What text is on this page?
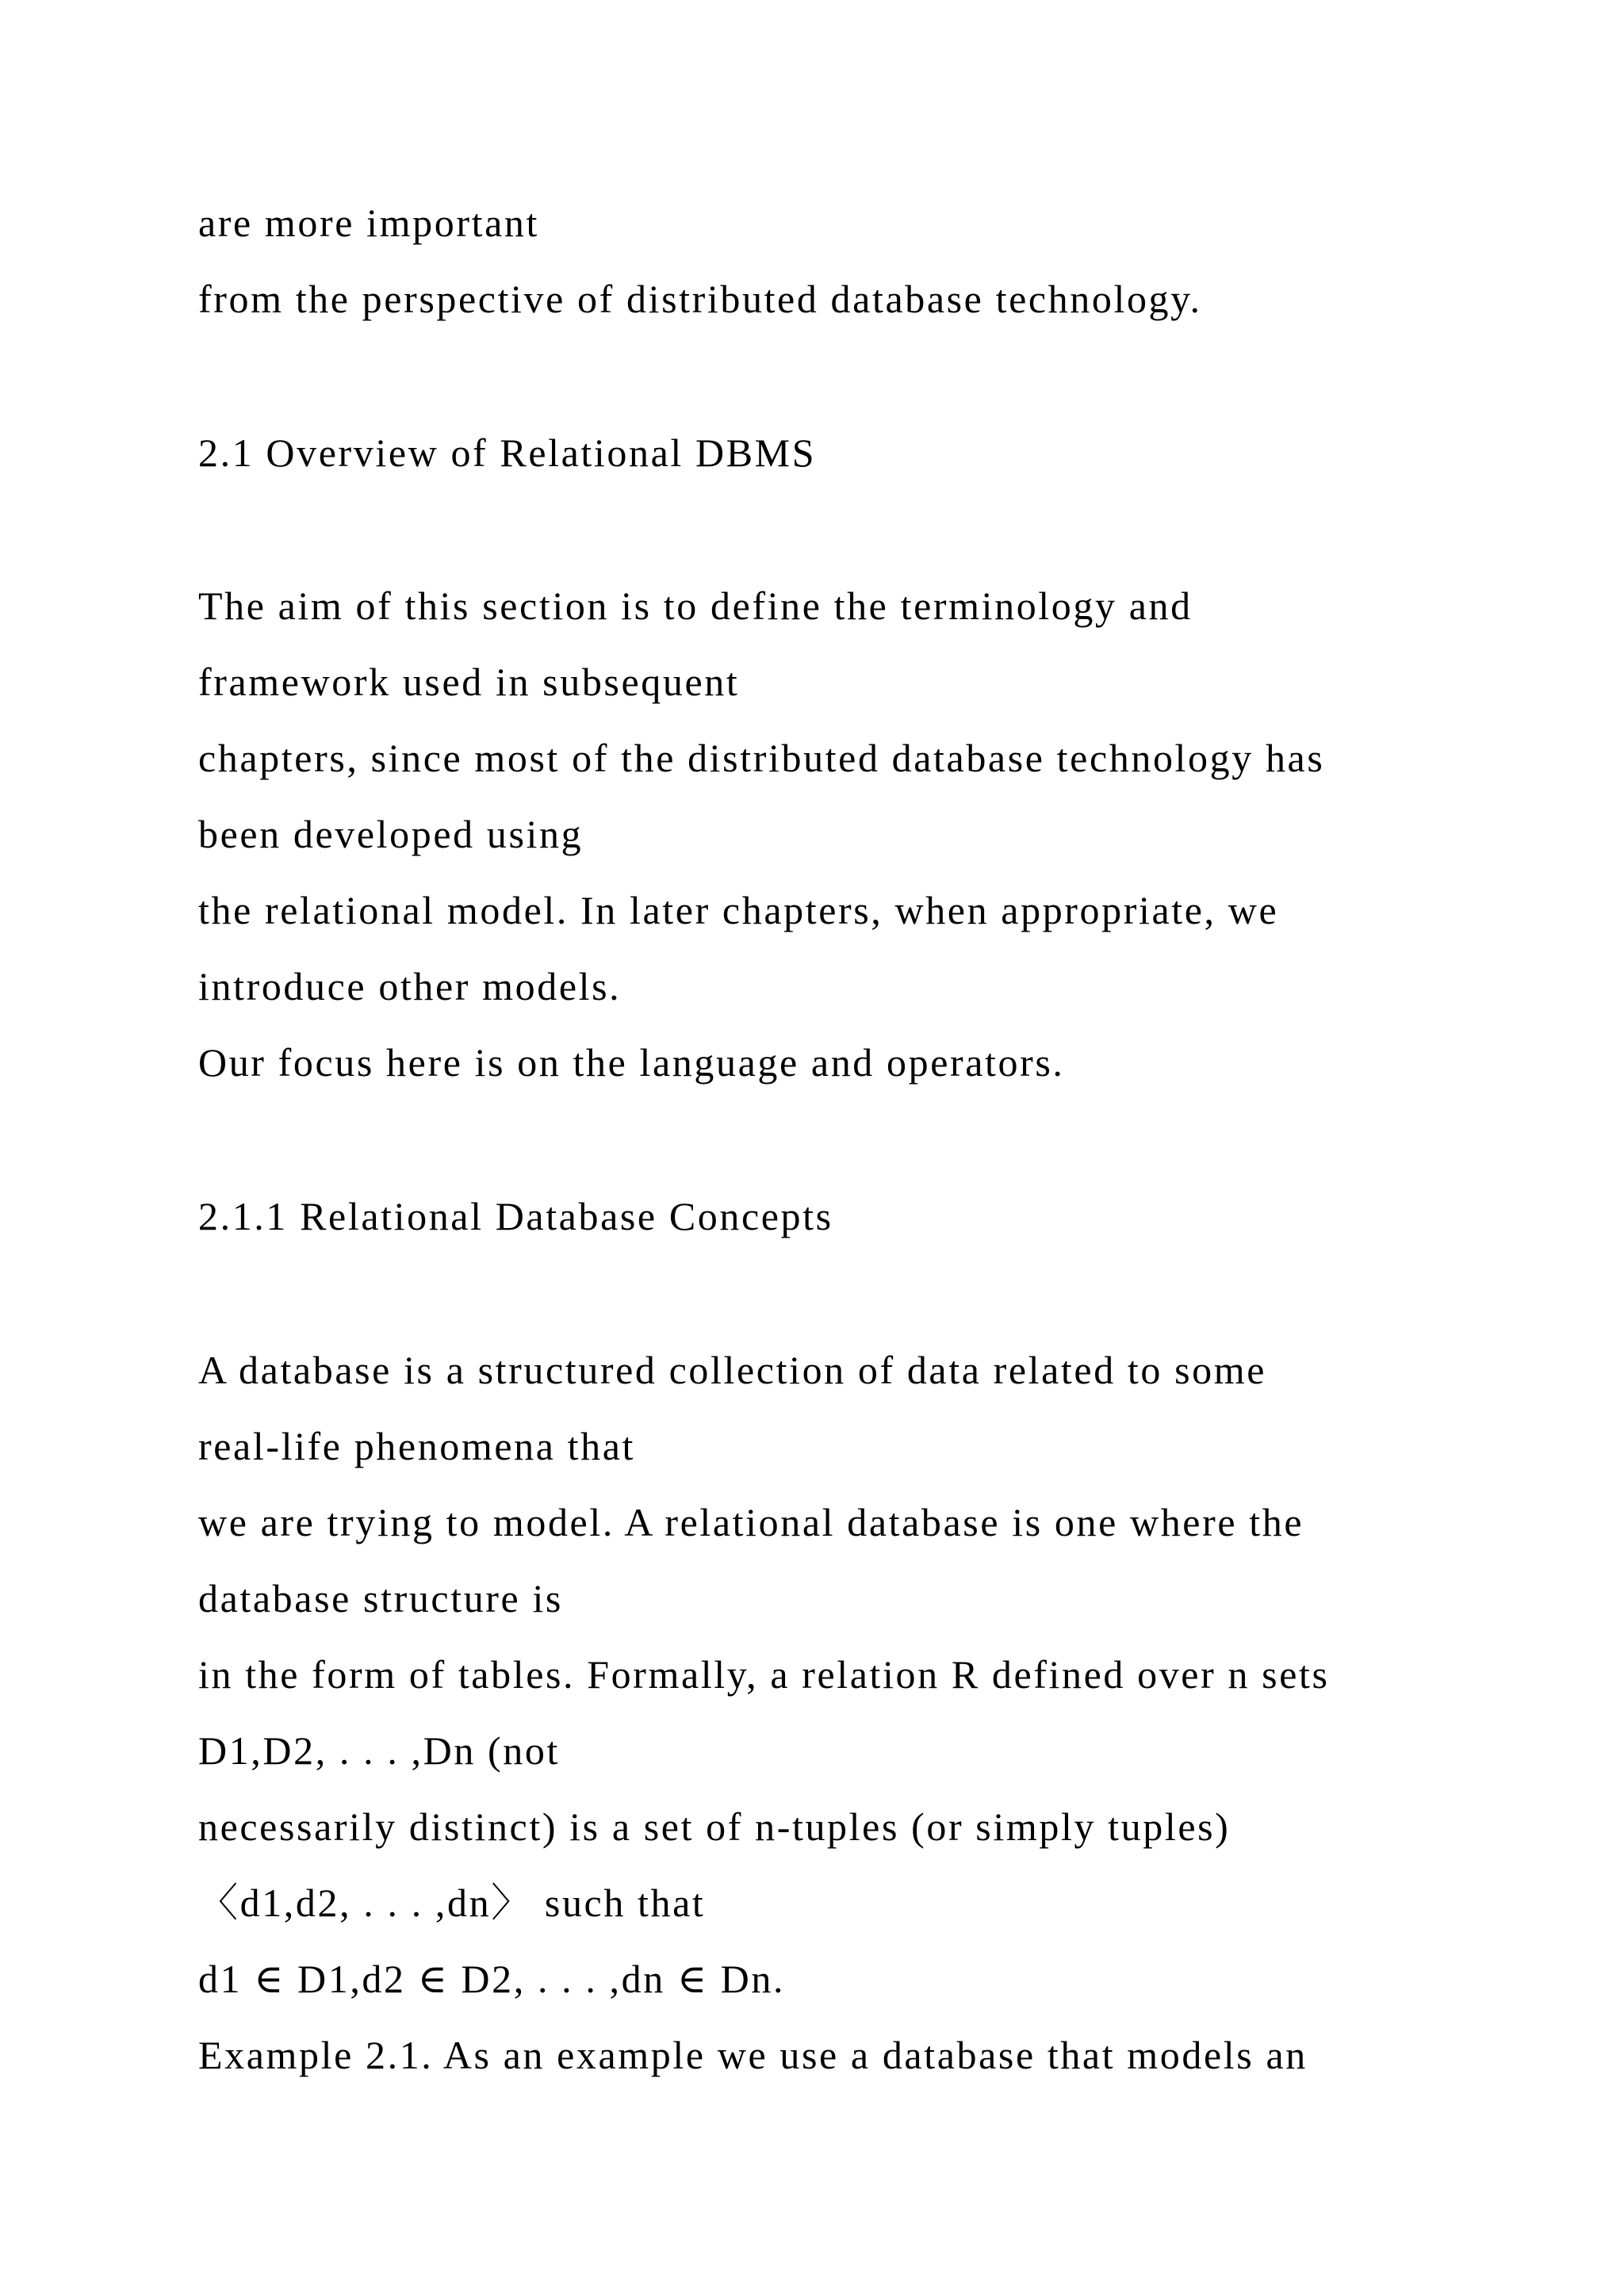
are more important
from the perspective of distributed database technology.
2.1 Overview of Relational DBMS
The aim of this section is to define the terminology and
framework used in subsequent
chapters, since most of the distributed database technology has
been developed using
the relational model. In later chapters, when appropriate, we
introduce other models.
Our focus here is on the language and operators.
2.1.1 Relational Database Concepts
A database is a structured collection of data related to some
real-life phenomena that
we are trying to model. A relational database is one where the
database structure is
in the form of tables. Formally, a relation R defined over n sets
D1,D2, . . . ,Dn (not
necessarily distinct) is a set of n-tuples (or simply tuples)
〈d1,d2, . . . ,dn〉 such that
d1 ∈ D1,d2 ∈ D2, . . . ,dn ∈ Dn.
Example 2.1. As an example we use a database that models an
